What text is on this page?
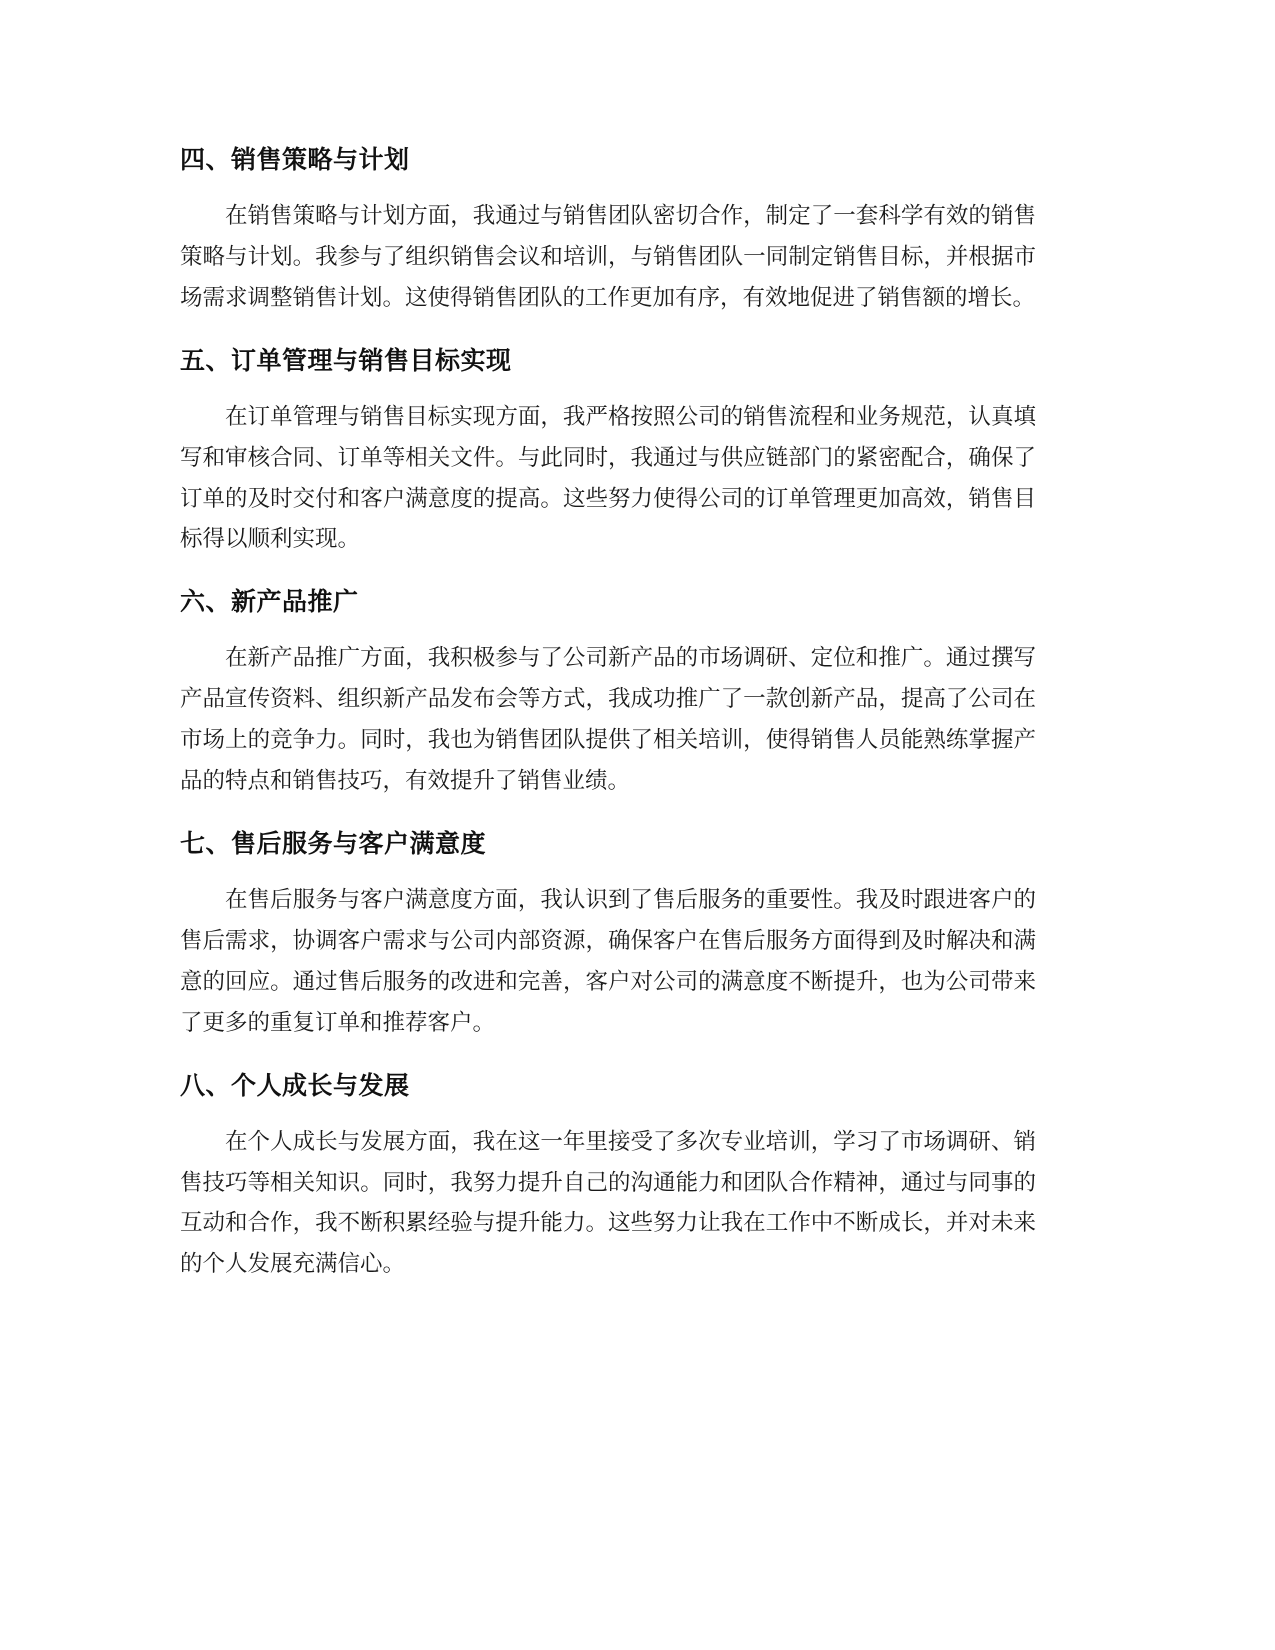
四、销售策略与计划

在销售策略与计划方面，我通过与销售团队密切合作，制定了一套科学有效的销售策略与计划。我参与了组织销售会议和培训，与销售团队一同制定销售目标，并根据市场需求调整销售计划。这使得销售团队的工作更加有序，有效地促进了销售额的增长。

五、订单管理与销售目标实现

在订单管理与销售目标实现方面，我严格按照公司的销售流程和业务规范，认真填写和审核合同、订单等相关文件。与此同时，我通过与供应链部门的紧密配合，确保了订单的及时交付和客户满意度的提高。这些努力使得公司的订单管理更加高效，销售目标得以顺利实现。

六、新产品推广

在新产品推广方面，我积极参与了公司新产品的市场调研、定位和推广。通过撰写产品宣传资料、组织新产品发布会等方式，我成功推广了一款创新产品，提高了公司在市场上的竞争力。同时，我也为销售团队提供了相关培训，使得销售人员能熟练掌握产品的特点和销售技巧，有效提升了销售业绩。

七、售后服务与客户满意度

在售后服务与客户满意度方面，我认识到了售后服务的重要性。我及时跟进客户的售后需求，协调客户需求与公司内部资源，确保客户在售后服务方面得到及时解决和满意的回应。通过售后服务的改进和完善，客户对公司的满意度不断提升，也为公司带来了更多的重复订单和推荐客户。

八、个人成长与发展

在个人成长与发展方面，我在这一年里接受了多次专业培训，学习了市场调研、销售技巧等相关知识。同时，我努力提升自己的沟通能力和团队合作精神，通过与同事的互动和合作，我不断积累经验与提升能力。这些努力让我在工作中不断成长，并对未来的个人发展充满信心。
